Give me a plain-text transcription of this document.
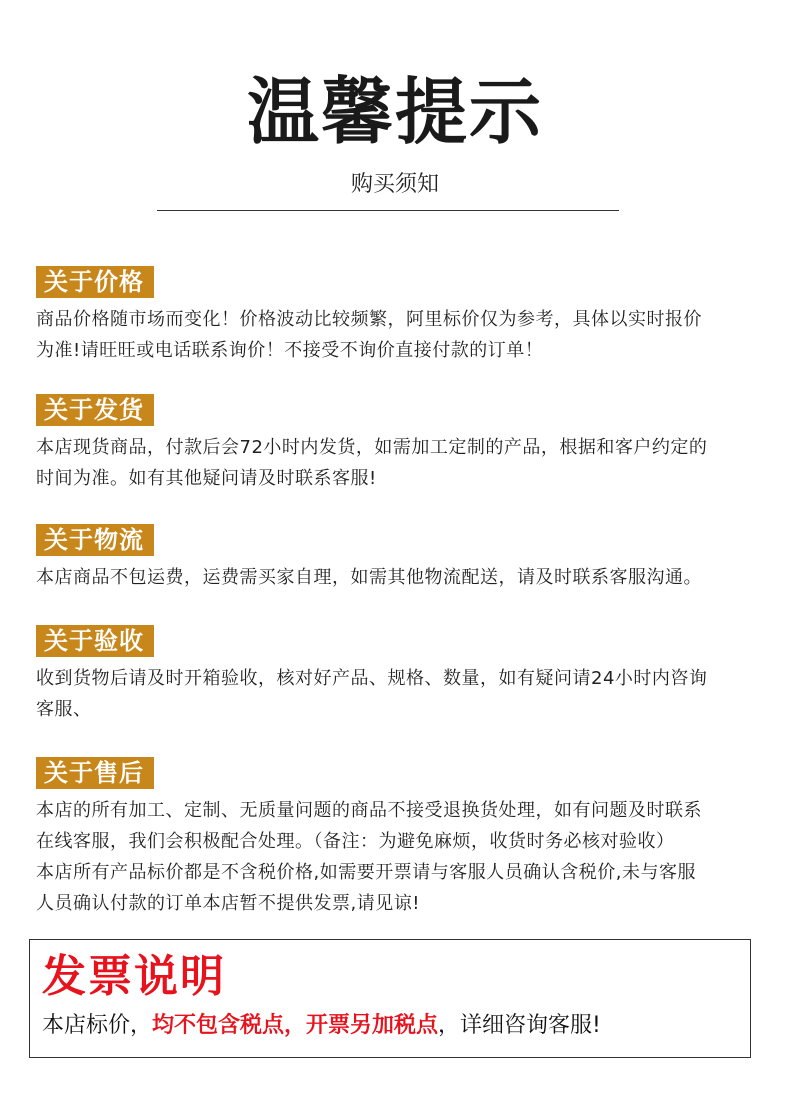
温馨提示
购买须知
关于价格

商品价格随市场而变化！价格波动比较频繁，阿里标价仅为参考，具体以实时报价
为准!请旺旺或电话联系询价！不接受不询价直接付款的订单！

关于发货

本店现货商品，付款后会72小时内发货，如需加工定制的产品，根据和客户约定的
时间为准。如有其他疑问请及时联系客服!

关于物流

本店商品不包运费，运费需买家自理，如需其他物流配送，请及时联系客服沟通。

关于验收

收到货物后请及时开箱验收，核对好产品、规格、数量，如有疑问请24小时内咨询
客服、

关于售后

本店的所有加工、定制、无质量问题的商品不接受退换货处理，如有问题及时联系
在线客服，我们会积极配合处理。（备注：为避免麻烦，收货时务必核对验收）
本店所有产品标价都是不含税价格,如需要开票请与客服人员确认含税价,未与客服
人员确认付款的订单本店暂不提供发票,请见谅!

发票说明
本店标价，均不包含税点，开票另加税点，详细咨询客服!
